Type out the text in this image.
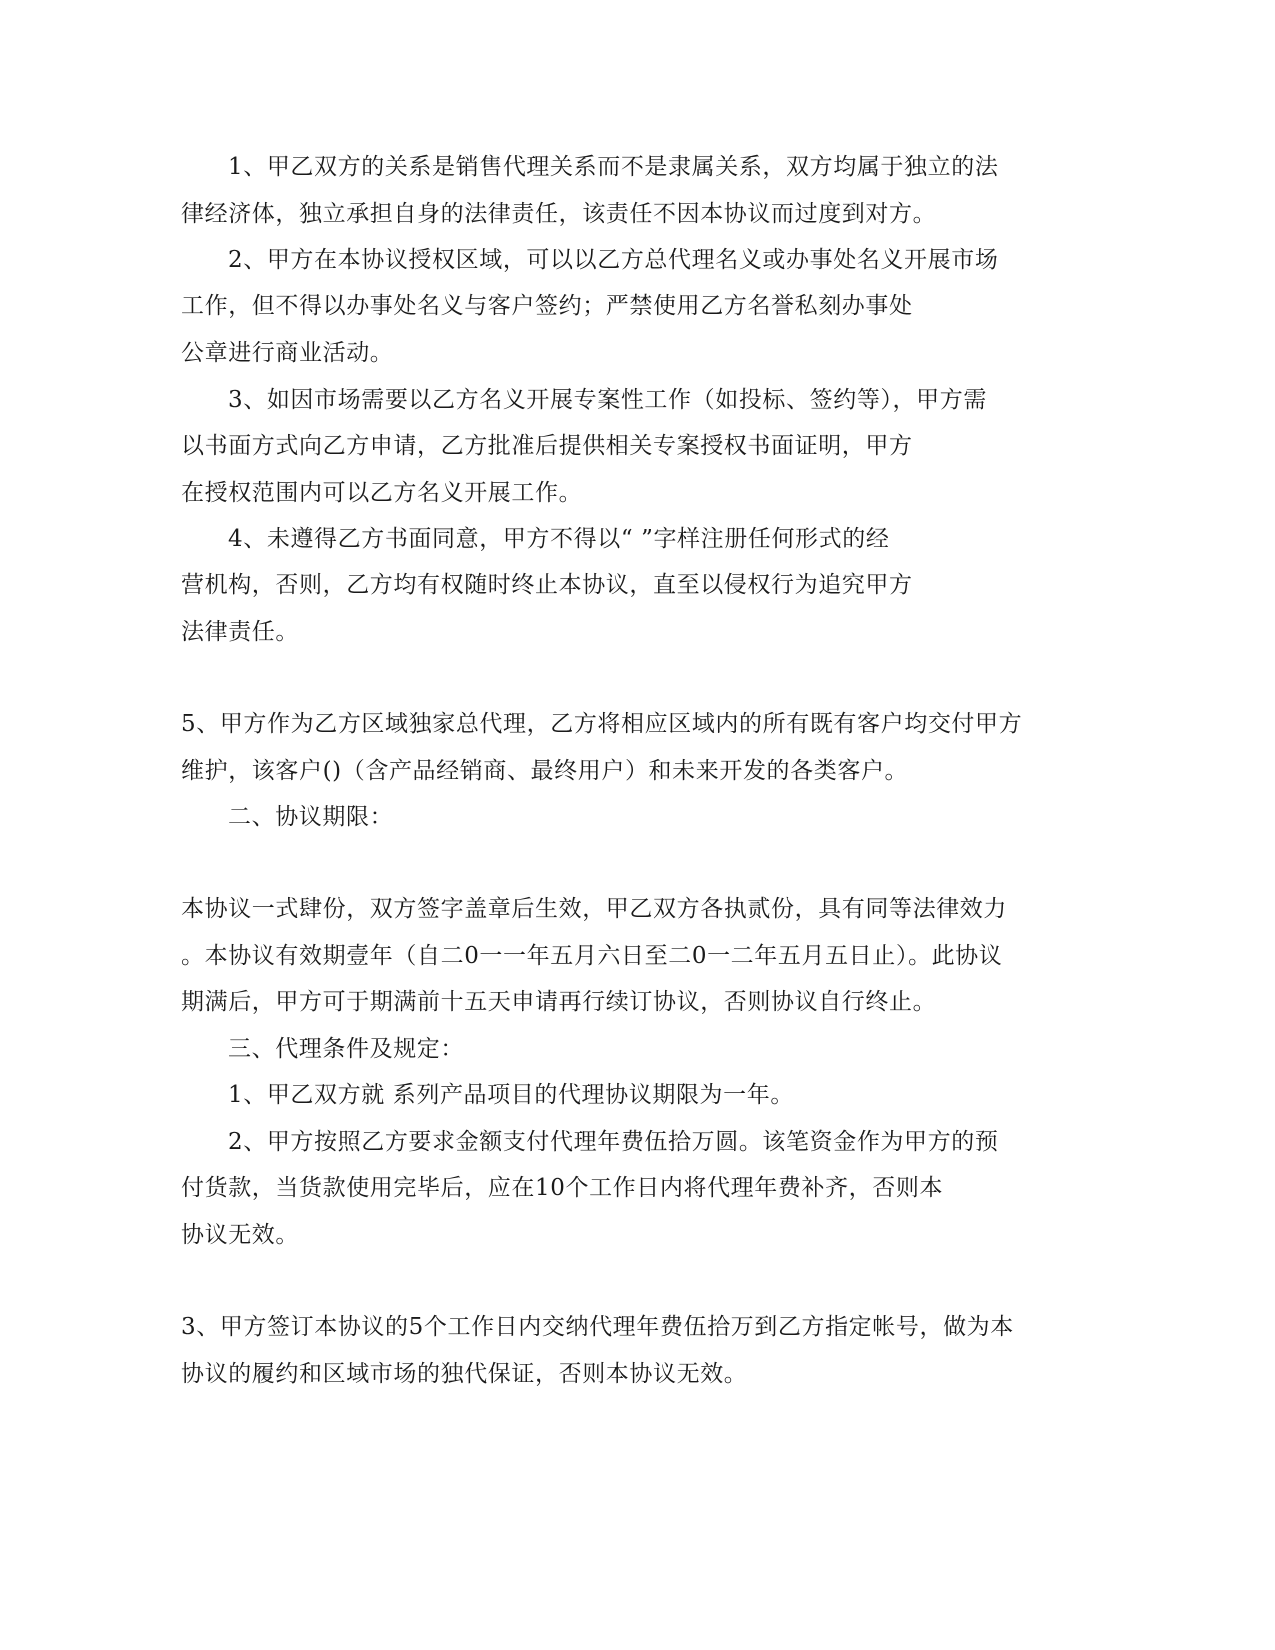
1、甲乙双方的关系是销售代理关系而不是隶属关系，双方均属于独立的法
律经济体，独立承担自身的法律责任，该责任不因本协议而过度到对方。
2、甲方在本协议授权区域，可以以乙方总代理名义或办事处名义开展市场
工作，但不得以办事处名义与客户签约；严禁使用乙方名誉私刻办事处
公章进行商业活动。
3、如因市场需要以乙方名义开展专案性工作（如投标、签约等），甲方需
以书面方式向乙方申请，乙方批准后提供相关专案授权书面证明，甲方
在授权范围内可以乙方名义开展工作。
4、未遵得乙方书面同意，甲方不得以“ ”字样注册任何形式的经
营机构，否则，乙方均有权随时终止本协议，直至以侵权行为追究甲方
法律责任。
5、甲方作为乙方区域独家总代理，乙方将相应区域内的所有既有客户均交付甲方
维护，该客户()（含产品经销商、最终用户）和未来开发的各类客户。
二、协议期限：
本协议一式肆份，双方签字盖章后生效，甲乙双方各执贰份，具有同等法律效力
。本协议有效期壹年（自二0一一年五月六日至二0一二年五月五日止）。此协议
期满后，甲方可于期满前十五天申请再行续订协议，否则协议自行终止。
三、代理条件及规定：
1、甲乙双方就 系列产品项目的代理协议期限为一年。
2、甲方按照乙方要求金额支付代理年费伍拾万圆。该笔资金作为甲方的预
付货款，当货款使用完毕后，应在10个工作日内将代理年费补齐，否则本
协议无效。
3、甲方签订本协议的5个工作日内交纳代理年费伍拾万到乙方指定帐号，做为本
协议的履约和区域市场的独代保证，否则本协议无效。
